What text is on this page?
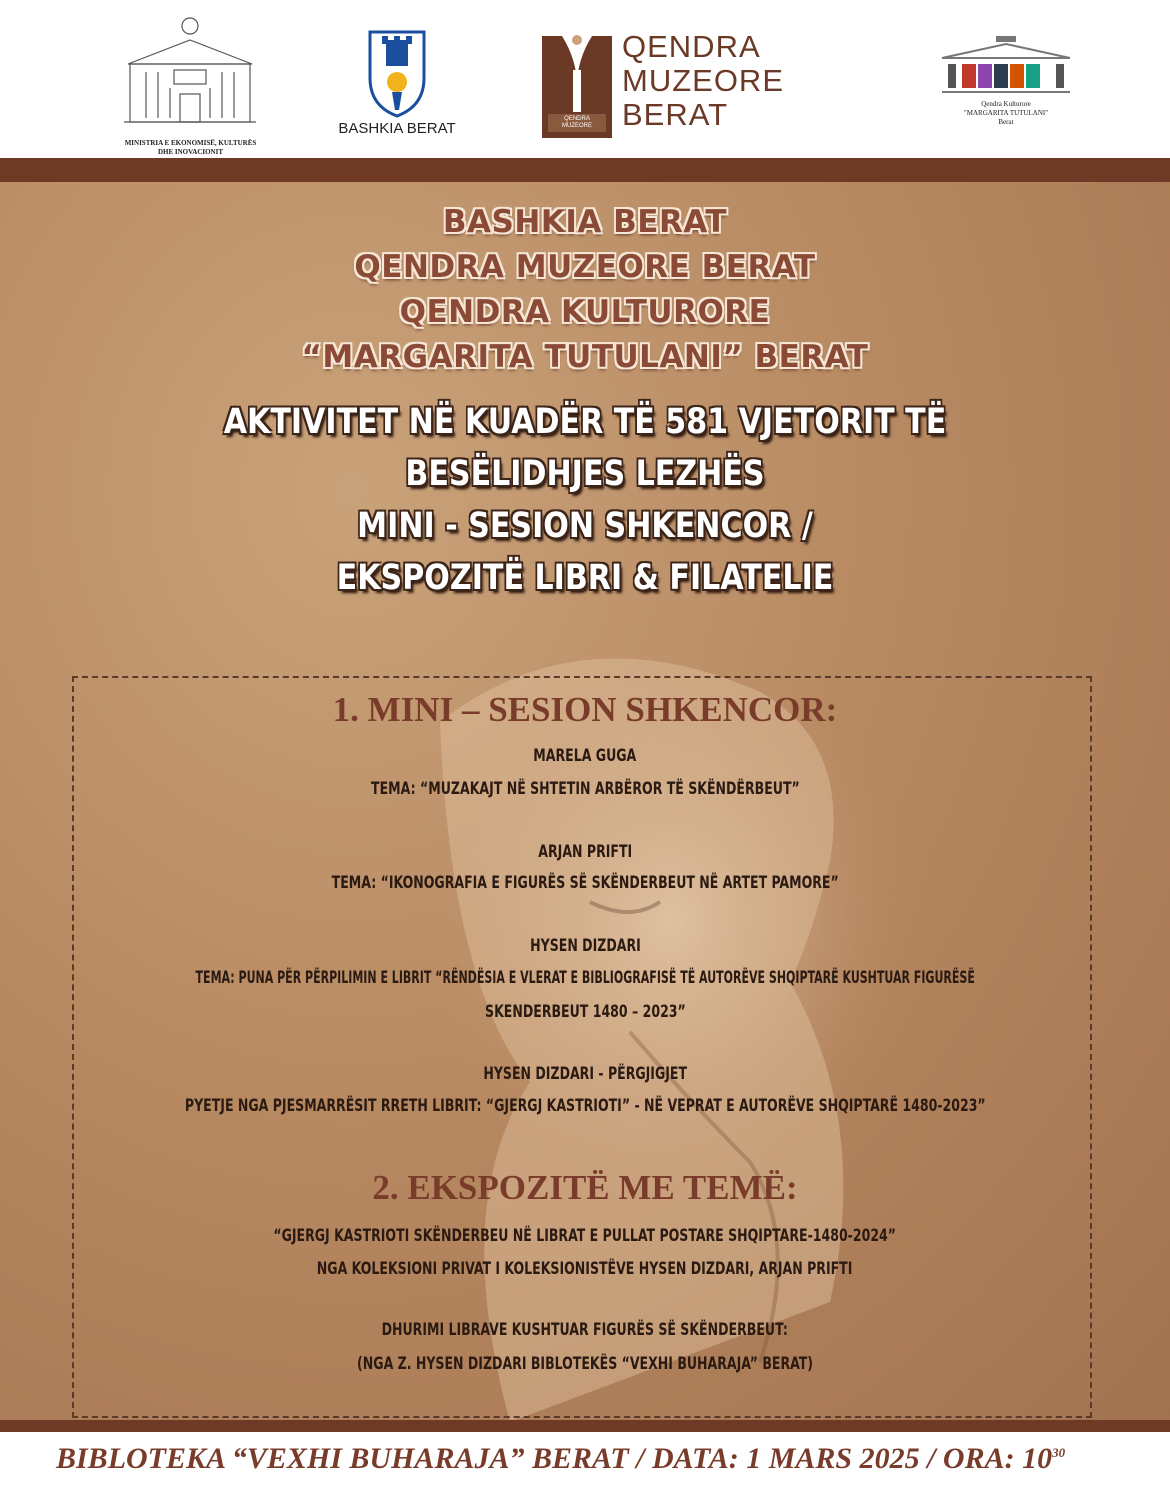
MINISTRIA E EKONOMISË, KULTURËS DHE INOVACIONIT
BASHKIA BERAT
QENDRA MUZEORE
QENDRA
MUZEORE
BERAT	Qendra Kulturore "MARGARITA TUTULANI" Berat
BASHKIA BERAT
QENDRA MUZEORE BERAT
QENDRA KULTURORE
“MARGARITA TUTULANI” BERAT
AKTIVITET NË KUADËR TË 581 VJETORIT TË
BESËLIDHJES LEZHËS
MINI - SESION SHKENCOR /
EKSPOZITË LIBRI & FILATELIE
1. MINI – SESION SHKENCOR:
MARELA GUGA
TEMA: “MUZAKAJT NË SHTETIN ARBËROR TË SKËNDËRBEUT”
ARJAN PRIFTI
TEMA: “IKONOGRAFIA E FIGURËS SË SKËNDERBEUT NË ARTET PAMORE”
HYSEN DIZDARI
TEMA: PUNA PËR PËRPILIMIN E LIBRIT “RËNDËSIA E VLERAT E BIBLIOGRAFISË TË AUTORËVE SHQIPTARË KUSHTUAR FIGURËSË
SKENDERBEUT 1480 – 2023”
HYSEN DIZDARI - PËRGJIGJET
PYETJE NGA PJESMARRËSIT RRETH LIBRIT: “GJERGJ KASTRIOTI” - NË VEPRAT E AUTORËVE SHQIPTARË 1480-2023”
2. EKSPOZITË ME TEMË:
“GJERGJ KASTRIOTI SKËNDERBEU NË LIBRAT E PULLAT POSTARE SHQIPTARE-1480-2024”
NGA KOLEKSIONI PRIVAT I KOLEKSIONISTËVE HYSEN DIZDARI, ARJAN PRIFTI
DHURIMI LIBRAVE KUSHTUAR FIGURËS SË SKËNDERBEUT:
(NGA Z. HYSEN DIZDARI BIBLOTEKËS “VEXHI BUHARAJA” BERAT)
BIBLOTEKA “VEXHI BUHARAJA” BERAT / DATA: 1 MARS 2025 / ORA: $10^{30}$
